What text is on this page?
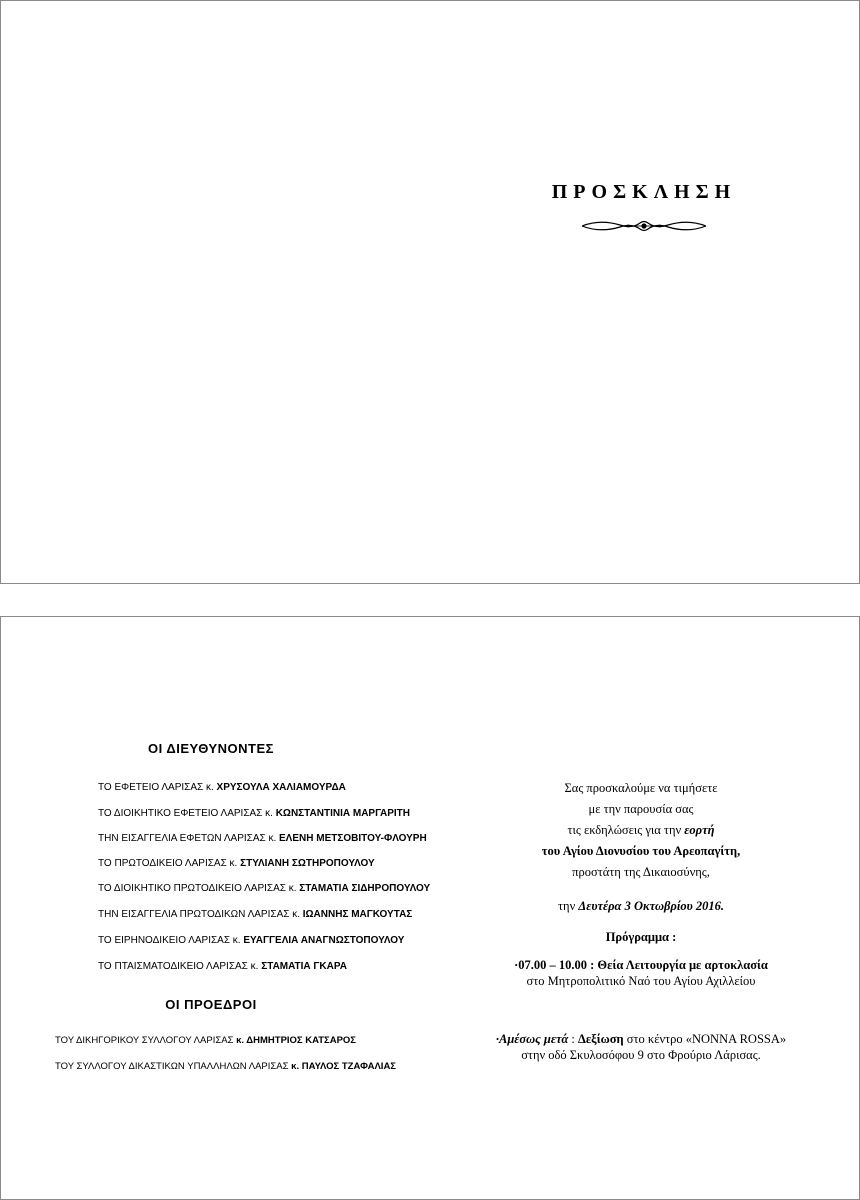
ΠΡΟΣΚΛΗΣΗ
ΟΙ ΔΙΕΥΘΥΝΟΝΤΕΣ
ΤΟ ΕΦΕΤΕΙΟ ΛΑΡΙΣΑΣ κ. ΧΡΥΣΟΥΛΑ ΧΑΛΙΑΜΟΥΡΔΑ
ΤΟ ΔΙΟΙΚΗΤΙΚΟ ΕΦΕΤΕΙΟ ΛΑΡΙΣΑΣ κ. ΚΩΝΣΤΑΝΤΙΝΙΑ ΜΑΡΓΑΡΙΤΗ
ΤΗΝ ΕΙΣΑΓΓΕΛΙΑ ΕΦΕΤΩΝ ΛΑΡΙΣΑΣ κ. ΕΛΕΝΗ ΜΕΤΣΟΒΙΤΟΥ-ΦΛΟΥΡΗ
ΤΟ ΠΡΩΤΟΔΙΚΕΙΟ ΛΑΡΙΣΑΣ κ. ΣΤΥΛΙΑΝΗ ΣΩΤΗΡΟΠΟΥΛΟΥ
ΤΟ ΔΙΟΙΚΗΤΙΚΟ ΠΡΩΤΟΔΙΚΕΙΟ ΛΑΡΙΣΑΣ κ. ΣΤΑΜΑΤΙΑ ΣΙΔΗΡΟΠΟΥΛΟΥ
ΤΗΝ ΕΙΣΑΓΓΕΛΙΑ ΠΡΩΤΟΔΙΚΩΝ ΛΑΡΙΣΑΣ κ. ΙΩΑΝΝΗΣ ΜΑΓΚΟΥΤΑΣ
ΤΟ ΕΙΡΗΝΟΔΙΚΕΙΟ ΛΑΡΙΣΑΣ κ. ΕΥΑΓΓΕΛΙΑ ΑΝΑΓΝΩΣΤΟΠΟΥΛΟΥ
ΤΟ ΠΤΑΙΣΜΑΤΟΔΙΚΕΙΟ ΛΑΡΙΣΑΣ κ. ΣΤΑΜΑΤΙΑ ΓΚΑΡΑ
ΟΙ ΠΡΟΕΔΡΟΙ
ΤΟΥ ΔΙΚΗΓΟΡΙΚΟΥ ΣΥΛΛΟΓΟΥ ΛΑΡΙΣΑΣ κ. ΔΗΜΗΤΡΙΟΣ ΚΑΤΣΑΡΟΣ
ΤΟΥ ΣΥΛΛΟΓΟΥ ΔΙΚΑΣΤΙΚΩΝ ΥΠΑΛΛΗΛΩΝ ΛΑΡΙΣΑΣ κ. ΠΑΥΛΟΣ ΤΖΑΦΑΛΙΑΣ
Σας προσκαλούμε να τιμήσετε
με την παρουσία σας
τις εκδηλώσεις για την εορτή
του Αγίου Διονυσίου του Αρεοπαγίτη,
προστάτη της Δικαιοσύνης,
την Δευτέρα 3 Οκτωβρίου 2016.
Πρόγραμμα :
·07.00 – 10.00 : Θεία Λειτουργία με αρτοκλασία
στο Μητροπολιτικό Ναό του Αγίου Αχιλλείου
·Αμέσως μετά : Δεξίωση στο κέντρο «NONNA ROSSA»
στην οδό Σκυλοσόφου 9 στο Φρούριο Λάρισας.
